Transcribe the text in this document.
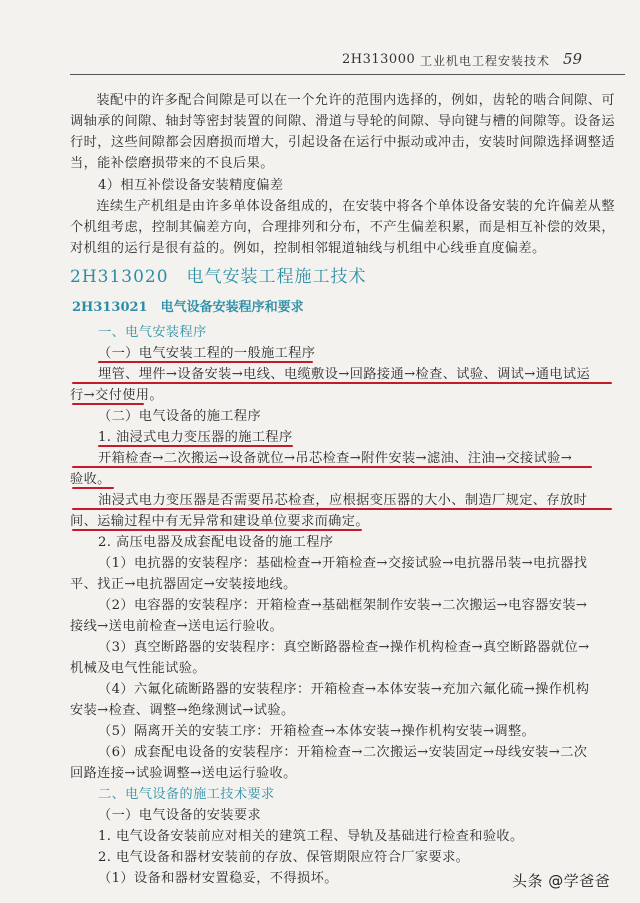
2H313000 工业机电工程安装技术 59
装配中的许多配合间隙是可以在一个允许的范围内选择的，例如，齿轮的啮合间隙、可调轴承的间隙、轴封等密封装置的间隙、滑道与导轮的间隙、导向键与槽的间隙等。设备运行时，这些间隙都会因磨损而增大，引起设备在运行中振动或冲击，安装时间隙选择调整适当，能补偿磨损带来的不良后果。
4）相互补偿设备安装精度偏差
连续生产机组是由许多单体设备组成的，在安装中将各个单体设备安装的允许偏差从整个机组考虑，控制其偏差方向，合理排列和分布，不产生偏差积累，而是相互补偿的效果，对机组的运行是很有益的。例如，控制相邻辊道轴线与机组中心线垂直度偏差。
2H313020　电气安装工程施工技术
2H313021　电气设备安装程序和要求
一、电气安装程序
（一）电气安装工程的一般施工程序
埋管、埋件→设备安装→电线、电缆敷设→回路接通→检查、试验、调试→通电试运
行→交付使用。
（二）电气设备的施工程序
1. 油浸式电力变压器的施工程序
开箱检查→二次搬运→设备就位→吊芯检查→附件安装→滤油、注油→交接试验→
验收。
油浸式电力变压器是否需要吊芯检查，应根据变压器的大小、制造厂规定、存放时
间、运输过程中有无异常和建设单位要求而确定。
2. 高压电器及成套配电设备的施工程序
（1）电抗器的安装程序：基础检查→开箱检查→交接试验→电抗器吊装→电抗器找
平、找正→电抗器固定→安装接地线。
（2）电容器的安装程序：开箱检查→基础框架制作安装→二次搬运→电容器安装→
接线→送电前检查→送电运行验收。
（3）真空断路器的安装程序：真空断路器检查→操作机构检查→真空断路器就位→
机械及电气性能试验。
（4）六氟化硫断路器的安装程序：开箱检查→本体安装→充加六氟化硫→操作机构
安装→检查、调整→绝缘测试→试验。
（5）隔离开关的安装工序：开箱检查→本体安装→操作机构安装→调整。
（6）成套配电设备的安装程序：开箱检查→二次搬运→安装固定→母线安装→二次
回路连接→试验调整→送电运行验收。
二、电气设备的施工技术要求
（一）电气设备的安装要求
1. 电气设备安装前应对相关的建筑工程、导轨及基础进行检查和验收。
2. 电气设备和器材安装前的存放、保管期限应符合厂家要求。
（1）设备和器材安置稳妥，不得损坏。	头条 @学爸爸
